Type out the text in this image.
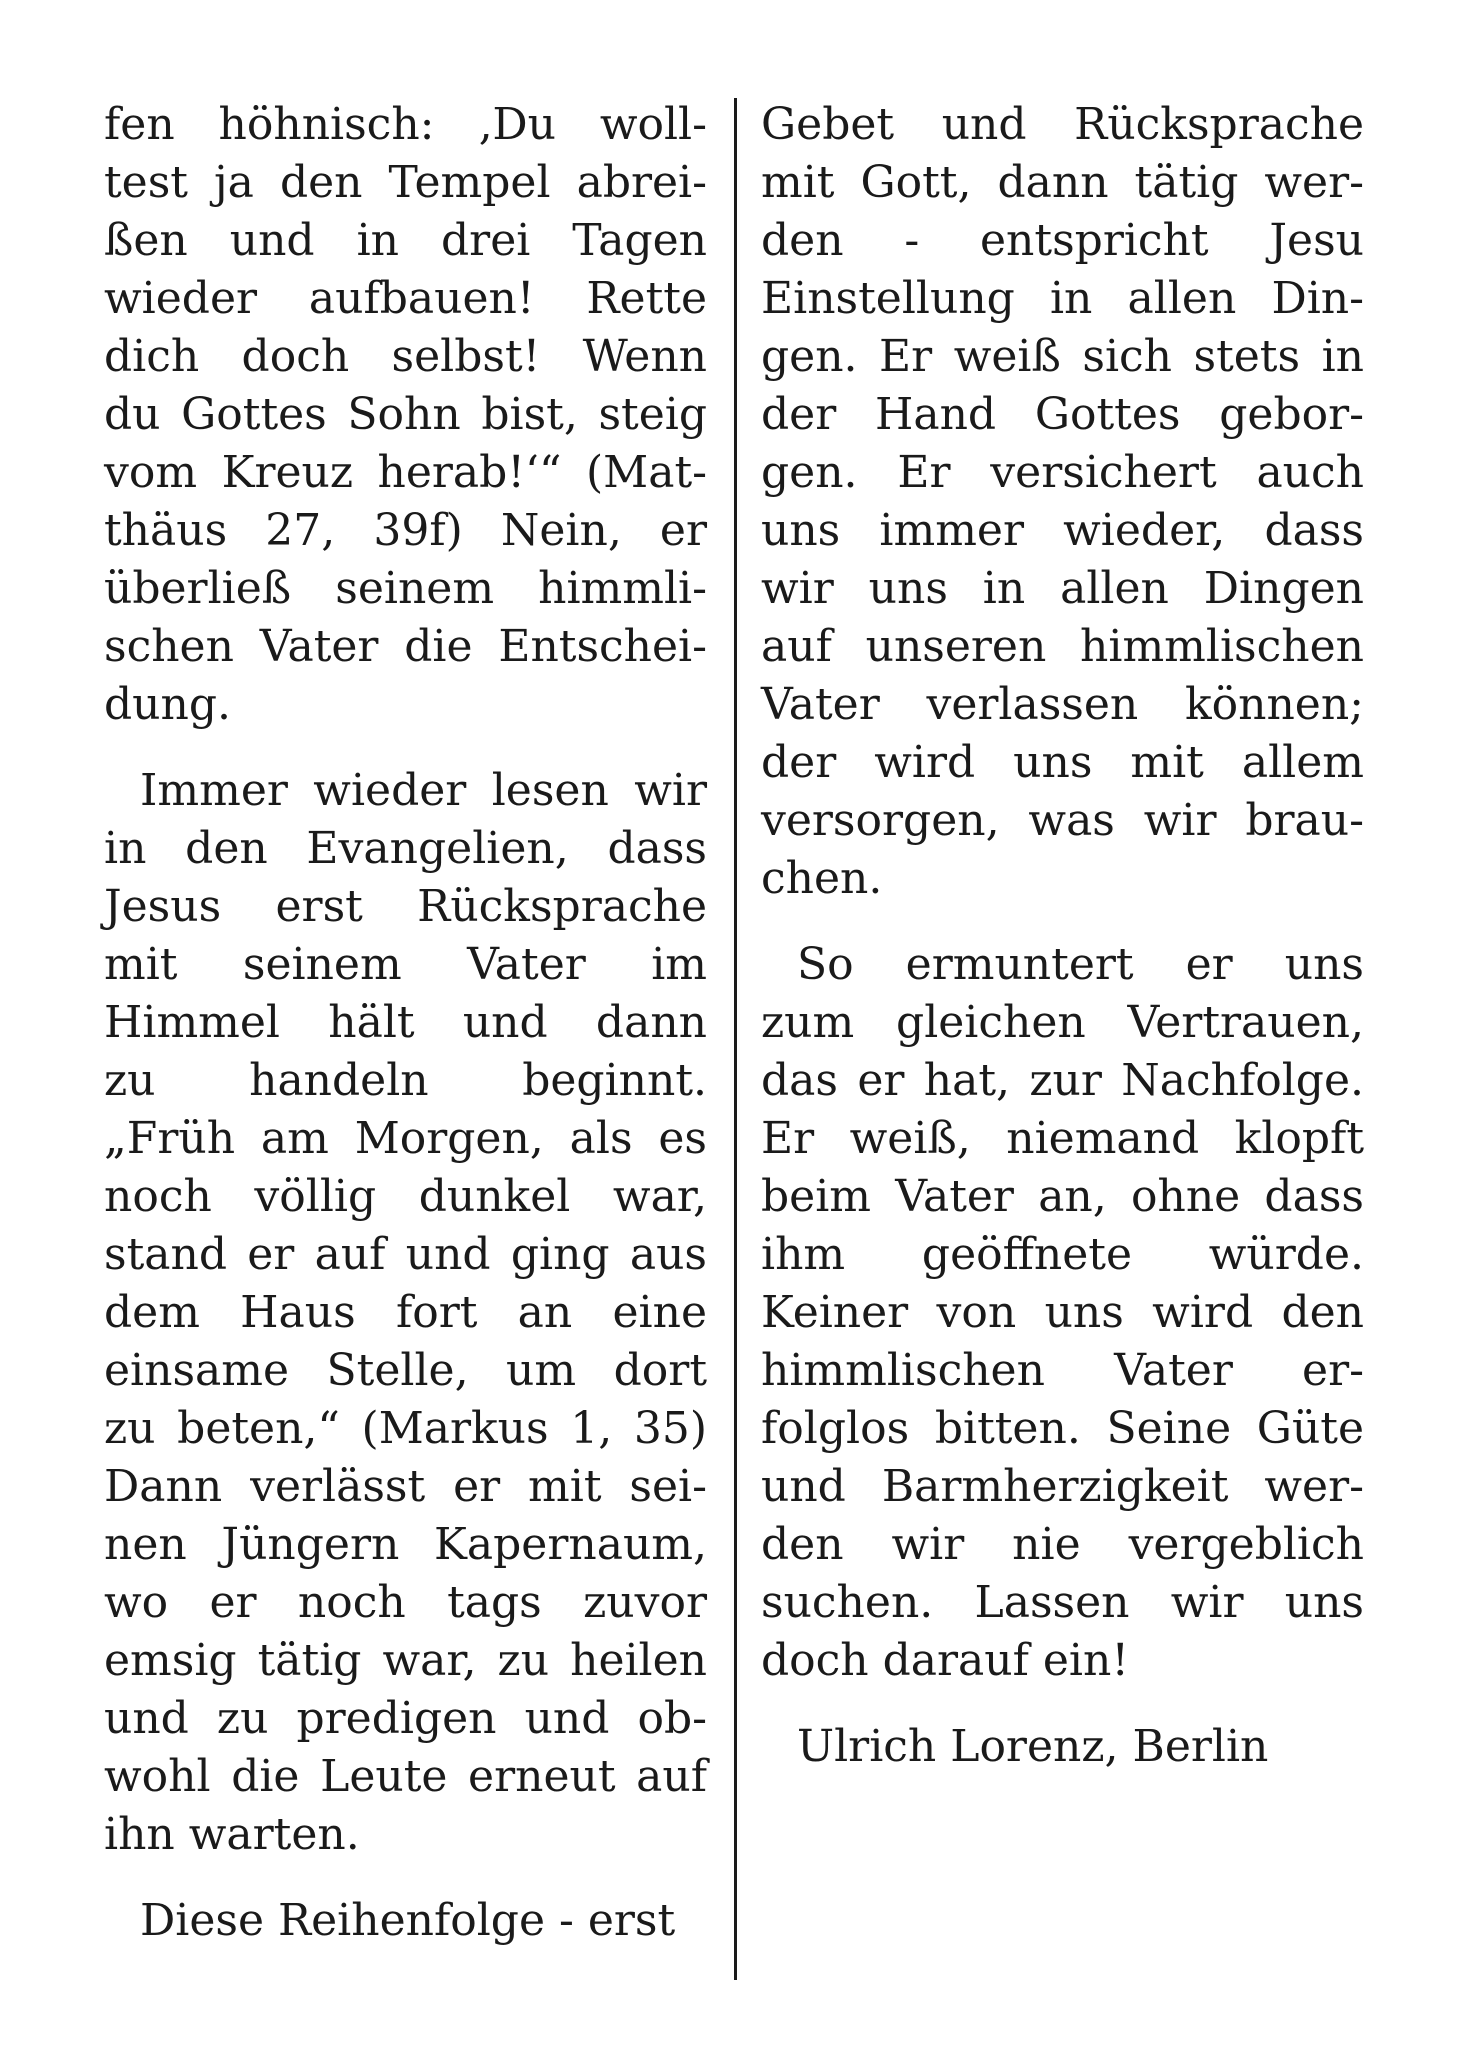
fen höhnisch: ‚Du woll-
test ja den Tempel abrei-
ßen und in drei Tagen
wieder aufbauen! Rette
dich doch selbst! Wenn
du Gottes Sohn bist, steig
vom Kreuz herab!‘“ (Mat-
thäus 27, 39f) Nein, er
überließ seinem himmli-
schen Vater die Entschei-
dung.
Immer wieder lesen wir
in den Evangelien, dass
Jesus erst Rücksprache
mit seinem Vater im
Himmel hält und dann
zu handeln beginnt.
„Früh am Morgen, als es
noch völlig dunkel war,
stand er auf und ging aus
dem Haus fort an eine
einsame Stelle, um dort
zu beten,“ (Markus 1, 35)
Dann verlässt er mit sei-
nen Jüngern Kapernaum,
wo er noch tags zuvor
emsig tätig war, zu heilen
und zu predigen und ob-
wohl die Leute erneut auf
ihn warten.
Diese Reihenfolge - erst
Gebet und Rücksprache
mit Gott, dann tätig wer-
den - entspricht Jesu
Einstellung in allen Din-
gen. Er weiß sich stets in
der Hand Gottes gebor-
gen. Er versichert auch
uns immer wieder, dass
wir uns in allen Dingen
auf unseren himmlischen
Vater verlassen können;
der wird uns mit allem
versorgen, was wir brau-
chen.
So ermuntert er uns
zum gleichen Vertrauen,
das er hat, zur Nachfolge.
Er weiß, niemand klopft
beim Vater an, ohne dass
ihm geöffnete würde.
Keiner von uns wird den
himmlischen Vater er-
folglos bitten. Seine Güte
und Barmherzigkeit wer-
den wir nie vergeblich
suchen. Lassen wir uns
doch darauf ein!
Ulrich Lorenz, Berlin
